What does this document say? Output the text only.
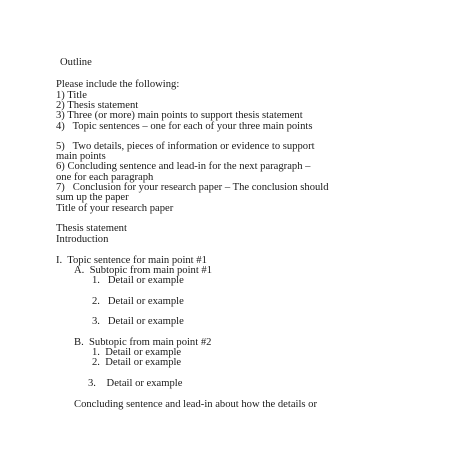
Outline
Please include the following:
1) Title
2) Thesis statement
3) Three (or more) main points to support thesis statement
4)   Topic sentences – one for each of your three main points
5)   Two details, pieces of information or evidence to support
main points
6) Concluding sentence and lead-in for the next paragraph –
one for each paragraph
7)   Conclusion for your research paper – The conclusion should
sum up the paper
Title of your research paper
Thesis statement
Introduction
I.  Topic sentence for main point #1
A.  Subtopic from main point #1
1.   Detail or example
2.   Detail or example
3.   Detail or example
B.  Subtopic from main point #2
1.  Detail or example
2.  Detail or example
3.    Detail or example
Concluding sentence and lead-in about how the details or
